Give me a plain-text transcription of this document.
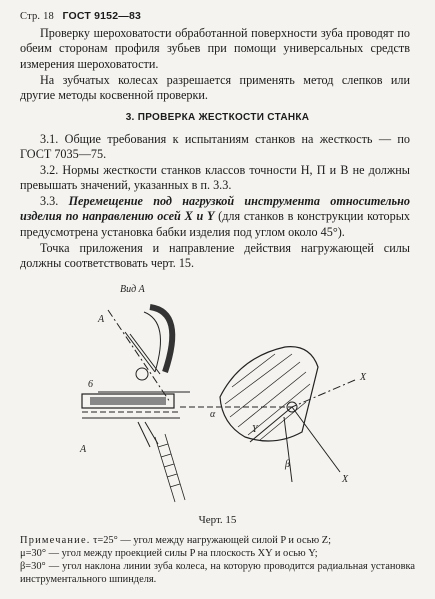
Стр. 18 ГОСТ 9152—83

Проверку шероховатости обработанной поверхности зуба проводят по обеим сторонам профиля зубьев при помощи универсальных средств измерения шероховатости.

На зубчатых колесах разрешается применять метод слепков или другие методы косвенной проверки.

3. ПРОВЕРКА ЖЕСТКОСТИ СТАНКА

3.1. Общие требования к испытаниям станков на жесткость — по ГОСТ 7035—75.

3.2. Нормы жесткости станков классов точности Н, П и В не должны превышать значений, указанных в п. 3.3.

3.3. Перемещение под нагрузкой инструмента относительно изделия по направлению осей X и Y (для станков в конструкции которых предусмотрена установка бабки изделия под углом около 45°).

Точка приложения и направление действия нагружающей силы должны соответствовать черт. 15.

Вид А
A
A
6
α
β
X
X
Y
Черт. 15

Примечание. τ=25° — угол между нагружающей силой P и осью Z;

μ=30° — угол между проекцией силы P на плоскость XY и осью Y;

β=30° — угол наклона линии зуба колеса, на которую проводится радиальная установка инструментального шпинделя.
